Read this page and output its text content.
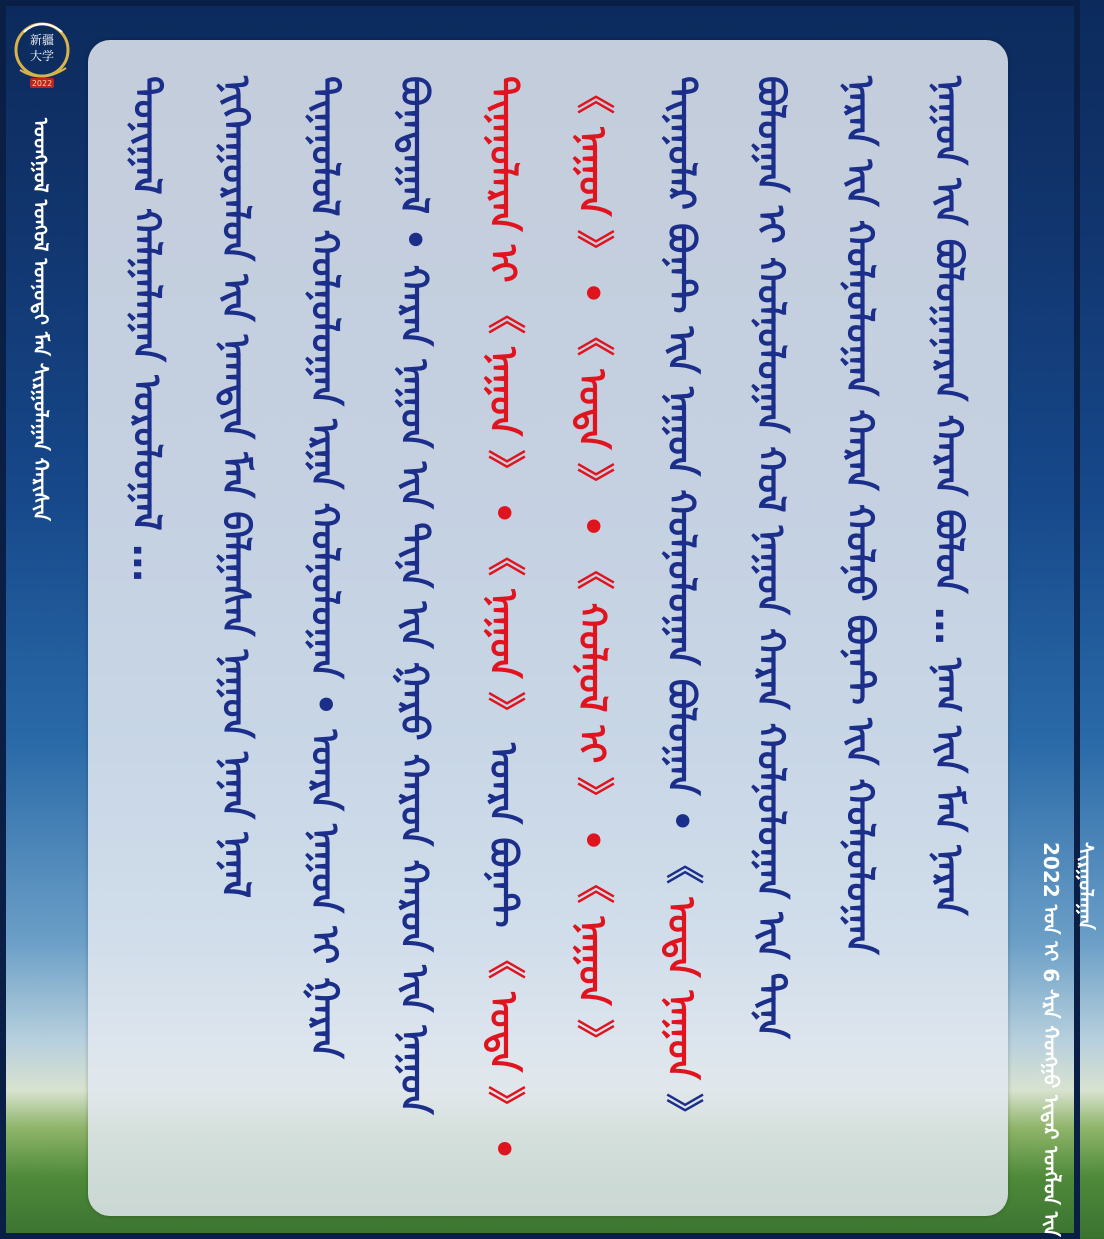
新疆
大学
2022
ᠤᠣᠩᠭᠣᠯ ᠤᠩᠣᠯ ᠤᠡᠨᠣᠲᠢ ᠮᠡᠨ ᠰᠢᠷᠭᠤᠯᠠᠭᠠᠨ ᠬᠠᠷᠢᠰᠢᠨ
2022 ᠣᠨ ᠢ 6 ᠰᠷᠠ ᠬᠤᠩᠭᠣ ᠢᠳᠡᠷ ᠤᠩᠯᠣᠨ ᠢᠨ ᠰᠢᠷᠭᠤᠯᠠᠭᠠᠨ
ᠳᠣᠨᠢᠭᠠᠯ ᠬᠠᠯᠭᠠᠯᠠᠭᠠᠨ ᠤᠷᠣᠯᠣᠭᠠᠯ … ᠨᠢᠭᠡᠨᠭᠣᠷᠠᠯᠣᠨ ᠢᠨ ᠨᠠᠭᠲᠢᠨ ᠮᠡᠨ ᠪᠠᠯᠭᠠᠰᠠᠨ ᠨᠠᠭᠣᠨ ᠨᠠᠨᠠᠨ ᠨᠠᠨᠠᠯ ᠲᠢᠨᠡᠨᠣᠯᠣᠯ ᠬᠣᠯᠨᠣᠯᠣᠭᠠᠨ ᠡᠷᠭᠠ ᠬᠣᠯᠨᠣᠯᠣᠭᠠᠨ • ᠤᠡᠷᠡ ᠨᠠᠭᠣᠨ ᠢ ᠭᠠᠷᠠᠨ ᠪᠣᠨᠠᠲᠠᠭᠠᠯ • ᠬᠠᠷᠠᠨ ᠨᠠᠭᠣᠨ ᠢᠨ ᠲᠢᠨᠡ ᠢᠨ ᠭᠠᠷᠣ ᠬᠠᠷᠣᠨ ᠬᠠᠷᠣᠨ ᠢᠨ ᠨᠠᠭᠣᠨ ᠲᠢᠨᠡᠨᠣᠯᠡᠷᠡᠨ ᠢ 《 ᠨᠠᠭᠣᠨ 》 • 《 ᠨᠠᠭᠣᠨ 》 ᠤᠡᠷᠡ ᠪᠣᠨᠠᠲ 《 ᠤᠳᠡ 》 •
《 ᠨᠠᠭᠣᠨ 》 • 《 ᠤᠳᠡ 》 • 《 ᠬᠣᠯᠨᠣᠯ ᠢ 》 • 《 ᠨᠠᠭᠣᠨ 》
ᠲᠢᠨᠡᠨᠣᠯᠡᠷ ᠪᠣᠨᠠᠲ ᠢᠨ ᠨᠠᠭᠣᠨ ᠬᠣᠯᠨᠣᠯᠣᠭᠠᠨ ᠪᠣᠯᠣᠭᠠᠨ • 《 ᠤᠳᠡ ᠨᠠᠭᠣᠨ 》
ᠪᠣᠯᠣᠭᠠᠨ ᠢ ᠬᠣᠯᠨᠣᠯᠣᠭᠠᠨ ᠬᠣᠯ ᠨᠠᠭᠣᠨ ᠬᠠᠷᠠᠨ ᠬᠣᠯᠨᠣᠯᠣᠭᠠᠨ ᠢᠨ ᠲᠢᠨᠡ ᠨᠠᠷᠠᠨ ᠢᠨ ᠬᠣᠯᠨᠣᠯᠣᠭᠠᠨ ᠬᠠᠷᠠᠨ ᠬᠣᠯᠨᠣ ᠪᠣᠨᠠᠲ ᠢᠨ ᠬᠣᠯᠨᠣᠯᠣᠭᠠᠨ ᠨᠠᠭᠣᠨ ᠢᠨ ᠪᠣᠯᠣᠭᠠᠨᠠᠷᠠᠨ ᠬᠠᠷᠠᠨ ᠪᠣᠯᠣᠨ … ᠨᠠᠭ ᠢᠨ ᠮᠡᠨ ᠨᠠᠷᠠᠨ
